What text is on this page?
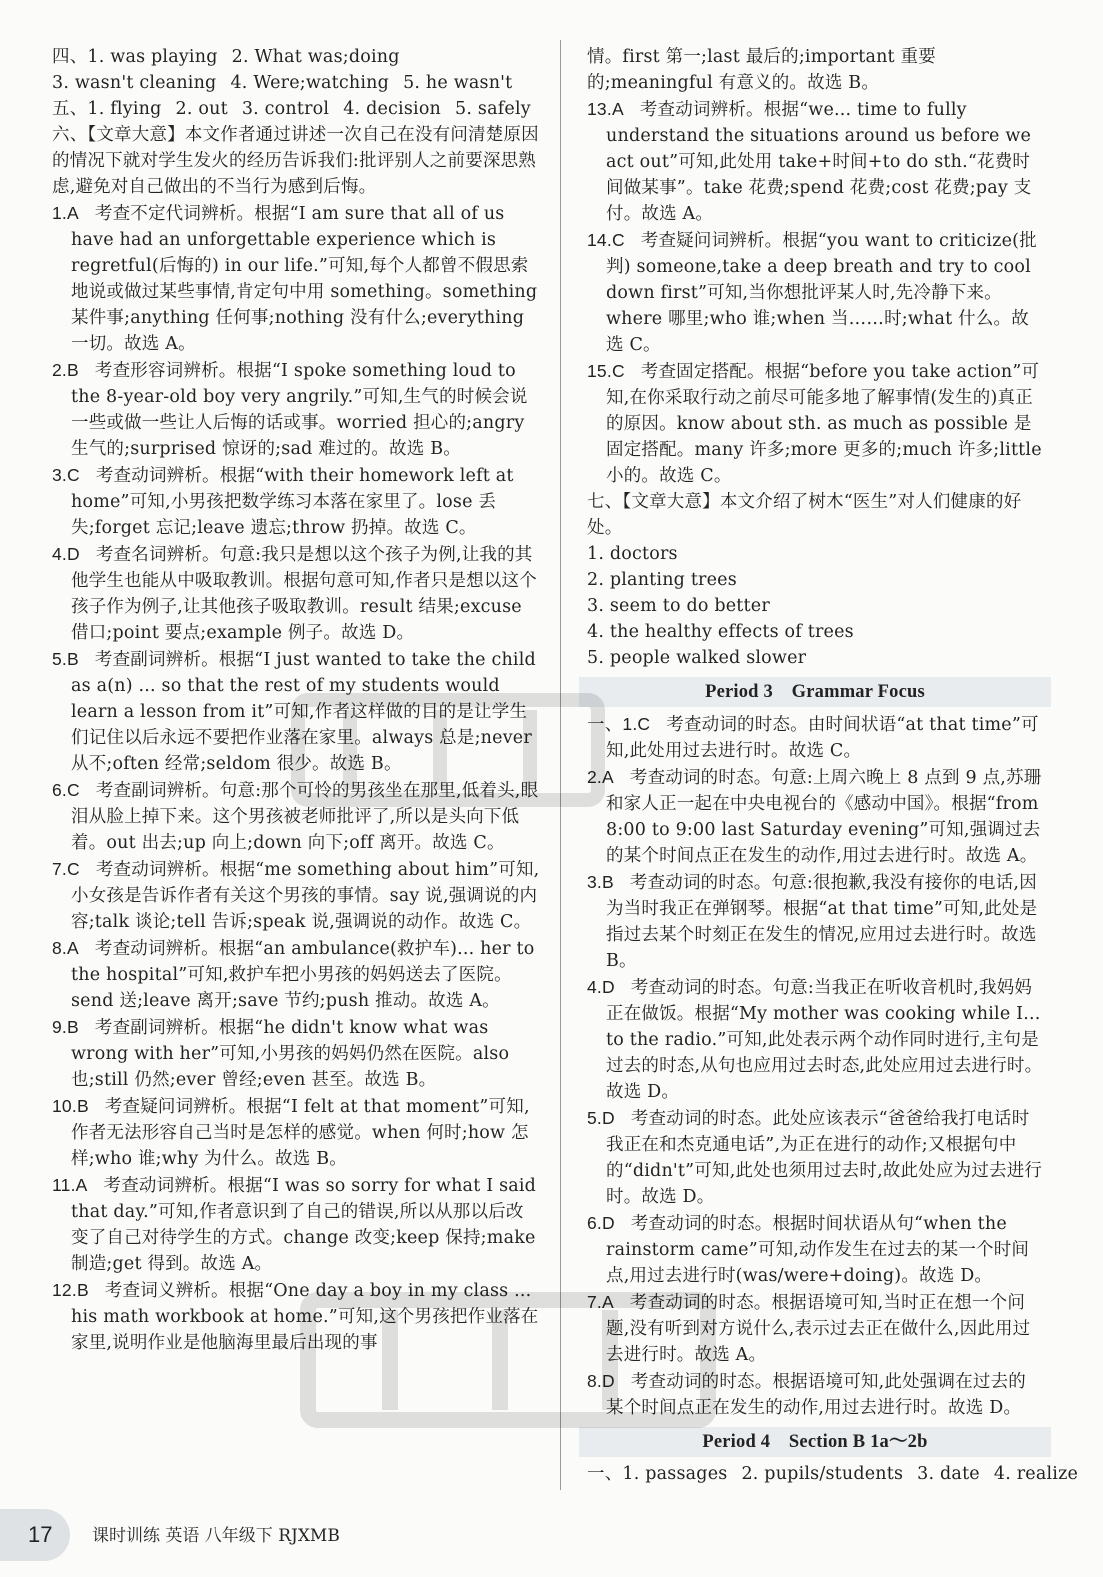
四、1. was playing 2. What was;doing

3. wasn't cleaning 4. Were;watching 5. he wasn't

五、1. flying 2. out 3. control 4. decision 5. safely

六、【文章大意】本文作者通过讲述一次自己在没有问清楚原因的情况下就对学生发火的经历告诉我们:批评别人之前要深思熟虑,避免对自己做出的不当行为感到后悔。

1.A 考查不定代词辨析。根据“I am sure that all of us have had an unforgettable experience which is regretful(后悔的) in our life.”可知,每个人都曾不假思索地说或做过某些事情,肯定句中用 something。something 某件事;anything 任何事;nothing 没有什么;everything 一切。故选 A。

2.B 考查形容词辨析。根据“I spoke something loud to the 8-year-old boy very angrily.”可知,生气的时候会说一些或做一些让人后悔的话或事。worried 担心的;angry 生气的;surprised 惊讶的;sad 难过的。故选 B。

3.C 考查动词辨析。根据“with their homework left at home”可知,小男孩把数学练习本落在家里了。lose 丢失;forget 忘记;leave 遗忘;throw 扔掉。故选 C。

4.D 考查名词辨析。句意:我只是想以这个孩子为例,让我的其他学生也能从中吸取教训。根据句意可知,作者只是想以这个孩子作为例子,让其他孩子吸取教训。result 结果;excuse 借口;point 要点;example 例子。故选 D。

5.B 考查副词辨析。根据“I just wanted to take the child as a(n) ... so that the rest of my students would learn a lesson from it”可知,作者这样做的目的是让学生们记住以后永远不要把作业落在家里。always 总是;never 从不;often 经常;seldom 很少。故选 B。

6.C 考查副词辨析。句意:那个可怜的男孩坐在那里,低着头,眼泪从脸上掉下来。这个男孩被老师批评了,所以是头向下低着。out 出去;up 向上;down 向下;off 离开。故选 C。

7.C 考查动词辨析。根据“me something about him”可知,小女孩是告诉作者有关这个男孩的事情。say 说,强调说的内容;talk 谈论;tell 告诉;speak 说,强调说的动作。故选 C。

8.A 考查动词辨析。根据“an ambulance(救护车)... her to the hospital”可知,救护车把小男孩的妈妈送去了医院。send 送;leave 离开;save 节约;push 推动。故选 A。

9.B 考查副词辨析。根据“he didn't know what was wrong with her”可知,小男孩的妈妈仍然在医院。also 也;still 仍然;ever 曾经;even 甚至。故选 B。

10.B 考查疑问词辨析。根据“I felt at that moment”可知,作者无法形容自己当时是怎样的感觉。when 何时;how 怎样;who 谁;why 为什么。故选 B。

11.A 考查动词辨析。根据“I was so sorry for what I said that day.”可知,作者意识到了自己的错误,所以从那以后改变了自己对待学生的方式。change 改变;keep 保持;make 制造;get 得到。故选 A。

12.B 考查词义辨析。根据“One day a boy in my class ... his math workbook at home.”可知,这个男孩把作业落在家里,说明作业是他脑海里最后出现的事

情。first 第一;last 最后的;important 重要的;meaningful 有意义的。故选 B。

13.A 考查动词辨析。根据“we... time to fully understand the situations around us before we act out”可知,此处用 take+时间+to do sth.“花费时间做某事”。take 花费;spend 花费;cost 花费;pay 支付。故选 A。

14.C 考查疑问词辨析。根据“you want to criticize(批判) someone,take a deep breath and try to cool down first”可知,当你想批评某人时,先冷静下来。where 哪里;who 谁;when 当……时;what 什么。故选 C。

15.C 考查固定搭配。根据“before you take action”可知,在你采取行动之前尽可能多地了解事情(发生的)真正的原因。know about sth. as much as possible 是固定搭配。many 许多;more 更多的;much 许多;little 小的。故选 C。

七、【文章大意】本文介绍了树木“医生”对人们健康的好处。

1. doctors

2. planting trees

3. seem to do better

4. the healthy effects of trees

5. people walked slower

Period 3　Grammar Focus

一、1.C 考查动词的时态。由时间状语“at that time”可知,此处用过去进行时。故选 C。

2.A 考查动词的时态。句意:上周六晚上 8 点到 9 点,苏珊和家人正一起在中央电视台的《感动中国》。根据“from 8:00 to 9:00 last Saturday evening”可知,强调过去的某个时间点正在发生的动作,用过去进行时。故选 A。

3.B 考查动词的时态。句意:很抱歉,我没有接你的电话,因为当时我正在弹钢琴。根据“at that time”可知,此处是指过去某个时刻正在发生的情况,应用过去进行时。故选 B。

4.D 考查动词的时态。句意:当我正在听收音机时,我妈妈正在做饭。根据“My mother was cooking while I... to the radio.”可知,此处表示两个动作同时进行,主句是过去的时态,从句也应用过去时态,此处应用过去进行时。故选 D。

5.D 考查动词的时态。此处应该表示“爸爸给我打电话时我正在和杰克通电话”,为正在进行的动作;又根据句中的“didn't”可知,此处也须用过去时,故此处应为过去进行时。故选 D。

6.D 考查动词的时态。根据时间状语从句“when the rainstorm came”可知,动作发生在过去的某一个时间点,用过去进行时(was/were+doing)。故选 D。

7.A 考查动词的时态。根据语境可知,当时正在想一个问题,没有听到对方说什么,表示过去正在做什么,因此用过去进行时。故选 A。

8.D 考查动词的时态。根据语境可知,此处强调在过去的某个时间点正在发生的动作,用过去进行时。故选 D。

Period 4　Section B 1a～2b

一、1. passages 2. pupils/students 3. date 4. realize

17	课时训练 英语 八年级下 RJXMB
